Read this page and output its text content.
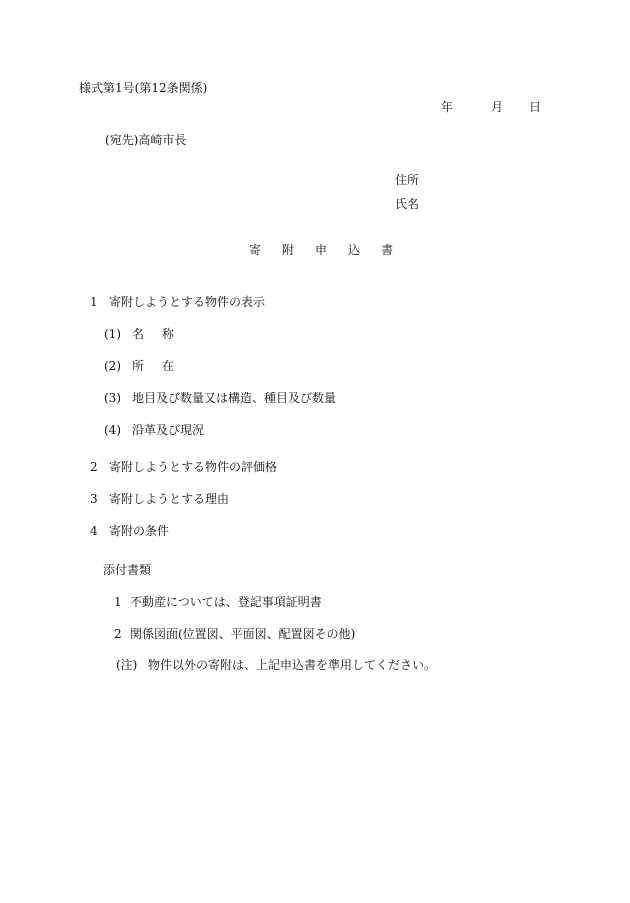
様式第1号(第12条関係)

年	月 日

(宛先)高崎市長

住所

氏名

寄 附 申 込 書

1 寄附しようとする物件の表示

(1) 名 称

(2) 所 在

(3) 地目及び数量又は構造、種目及び数量

(4) 沿革及び現況

2 寄附しようとする物件の評価格

3 寄附しようとする理由

4 寄附の条件

添付書類

1 不動産については、登記事項証明書

2 関係図面(位置図、平面図、配置図その他)

(注) 物件以外の寄附は、上記申込書を準用してください。
